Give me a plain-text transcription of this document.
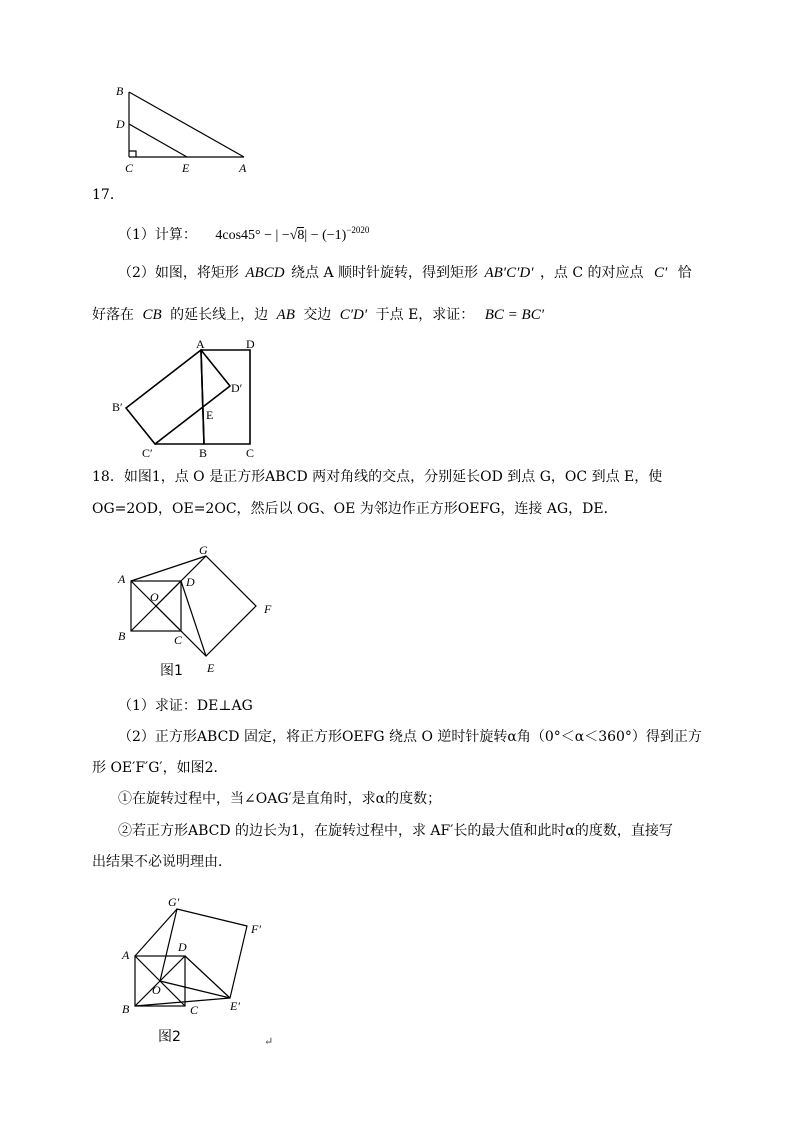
B
D
C	E	A
17．
（1）计算： 4cos45° − | $-√8| - (-1)^{-2020}$
（2）如图，将矩形 ABCD 绕点 A 顺时针旋转，得到矩形 AB′C′D′ ，点 C 的对应点 C′ 恰
好落在 CB 的延长线上，边 AB 交边 C′D′ 于点 E，求证： BC = BC′
A	D
D′
B′
E
C′	B	C
18．如图1，点 O 是正方形ABCD 两对角线的交点，分别延长OD 到点 G，OC 到点 E，使
OG=2OD，OE=2OC，然后以 OG、OE 为邻边作正方形OEFG，连接 AG，DE．
G
A	D
O
F
B	C
E
图1
（1）求证：DE⊥AG
（2）正方形ABCD 固定，将正方形OEFG 绕点 O 逆时针旋转α角（0°＜α＜360°）得到正方
形 OE′F′G′，如图2．
①在旋转过程中，当∠OAG′是直角时，求α的度数；
②若正方形ABCD 的边长为1，在旋转过程中，求 AF′长的最大值和此时α的度数，直接写
出结果不必说明理由．
G′
F′
A
D
O
B	C	E′
图2	↵
